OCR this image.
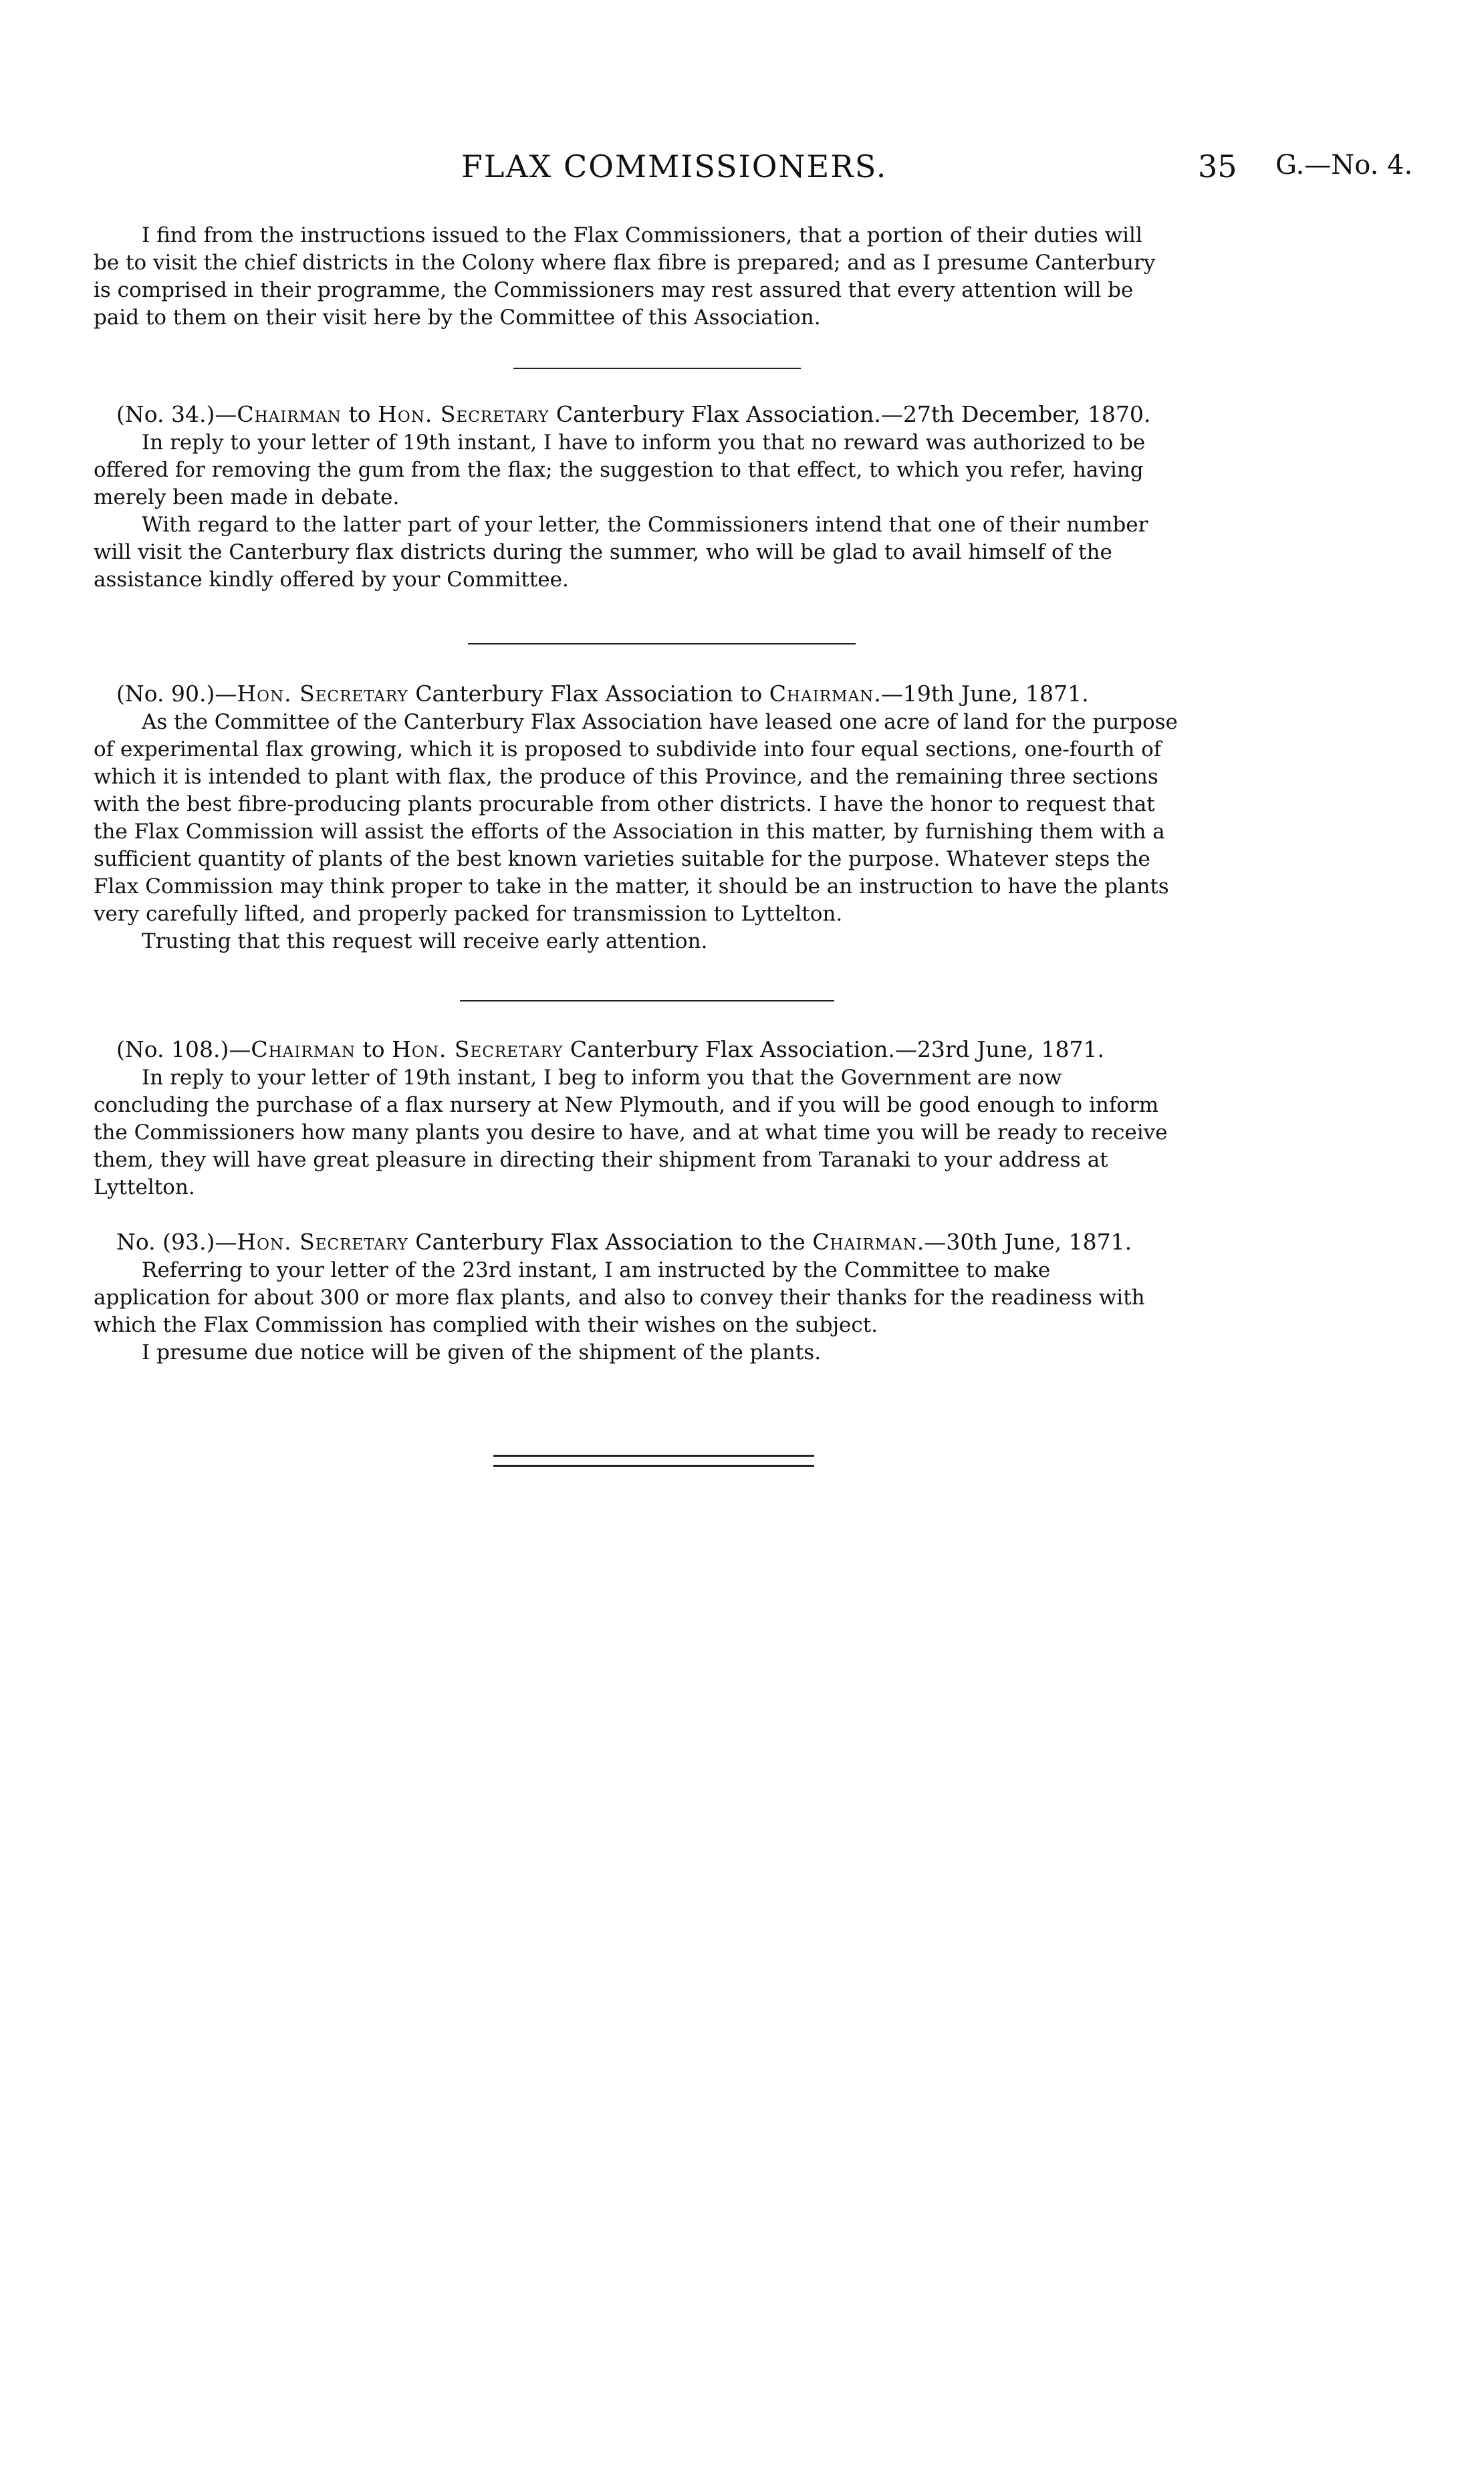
FLAX COMMISSIONERS.	35 G.—No. 4.

I find from the instructions issued to the Flax Commissioners, that a portion of their duties will

be to visit the chief districts in the Colony where flax fibre is prepared; and as I presume Canterbury

is comprised in their programme, the Commissioners may rest assured that every attention will be

paid to them on their visit here by the Committee of this Association.

(No. 34.)—Chairman to Hon. Secretary Canterbury Flax Association.—27th December, 1870.

In reply to your letter of 19th instant, I have to inform you that no reward was authorized to be

offered for removing the gum from the flax; the suggestion to that effect, to which you refer, having

merely been made in debate.

With regard to the latter part of your letter, the Commissioners intend that one of their number

will visit the Canterbury flax districts during the summer, who will be glad to avail himself of the

assistance kindly offered by your Committee.

(No. 90.)—Hon. Secretary Canterbury Flax Association to Chairman.—19th June, 1871.

As the Committee of the Canterbury Flax Association have leased one acre of land for the purpose

of experimental flax growing, which it is proposed to subdivide into four equal sections, one-fourth of

which it is intended to plant with flax, the produce of this Province, and the remaining three sections

with the best fibre-producing plants procurable from other districts. I have the honor to request that

the Flax Commission will assist the efforts of the Association in this matter, by furnishing them with a

sufficient quantity of plants of the best known varieties suitable for the purpose. Whatever steps the

Flax Commission may think proper to take in the matter, it should be an instruction to have the plants

very carefully lifted, and properly packed for transmission to Lyttelton.

Trusting that this request will receive early attention.

(No. 108.)—Chairman to Hon. Secretary Canterbury Flax Association.—23rd June, 1871.

In reply to your letter of 19th instant, I beg to inform you that the Government are now

concluding the purchase of a flax nursery at New Plymouth, and if you will be good enough to inform

the Commissioners how many plants you desire to have, and at what time you will be ready to receive

them, they will have great pleasure in directing their shipment from Taranaki to your address at

Lyttelton.

No. (93.)—Hon. Secretary Canterbury Flax Association to the Chairman.—30th June, 1871.

Referring to your letter of the 23rd instant, I am instructed by the Committee to make

application for about 300 or more flax plants, and also to convey their thanks for the readiness with

which the Flax Commission has complied with their wishes on the subject.

I presume due notice will be given of the shipment of the plants.
